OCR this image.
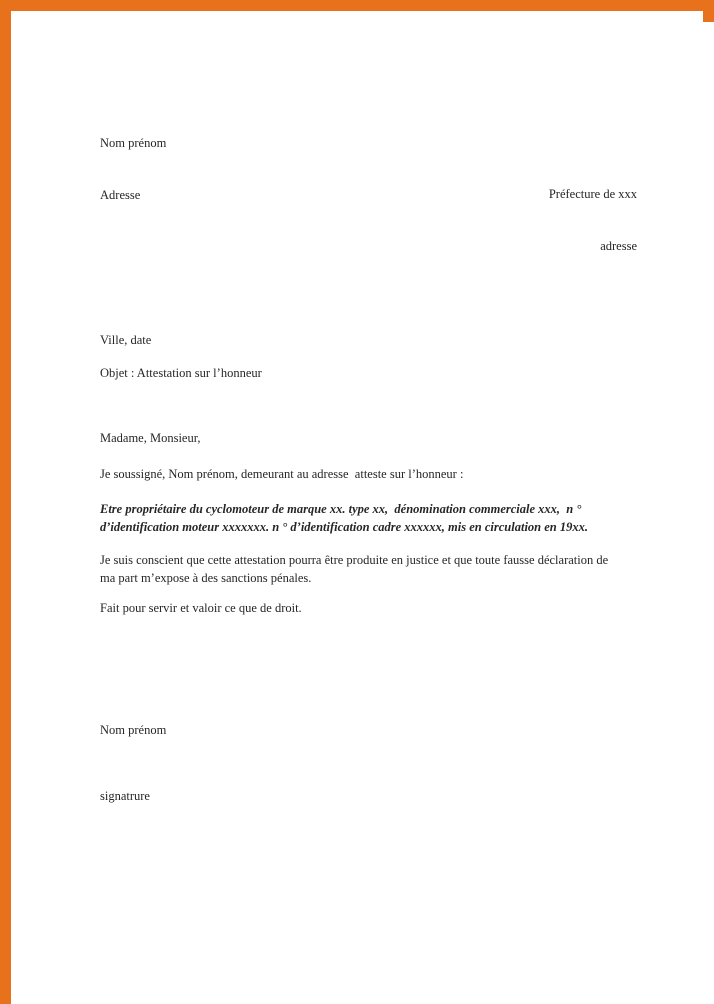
Nom prénom

Adresse

	Préfecture de xxx

adresse

Ville, date
Objet : Attestation sur l’honneur
Madame, Monsieur,
Je soussigné, Nom prénom, demeurant au adresse  atteste sur l’honneur :
Etre propriétaire du cyclomoteur de marque xx. type xx,  dénomination commerciale xxx,  n ° d’identification moteur xxxxxxx. n ° d’identification cadre xxxxxx, mis en circulation en 19xx.
Je suis conscient que cette attestation pourra être produite en justice et que toute fausse déclaration de ma part m’expose à des sanctions pénales.
Fait pour servir et valoir ce que de droit.
Nom prénom
signatrure
